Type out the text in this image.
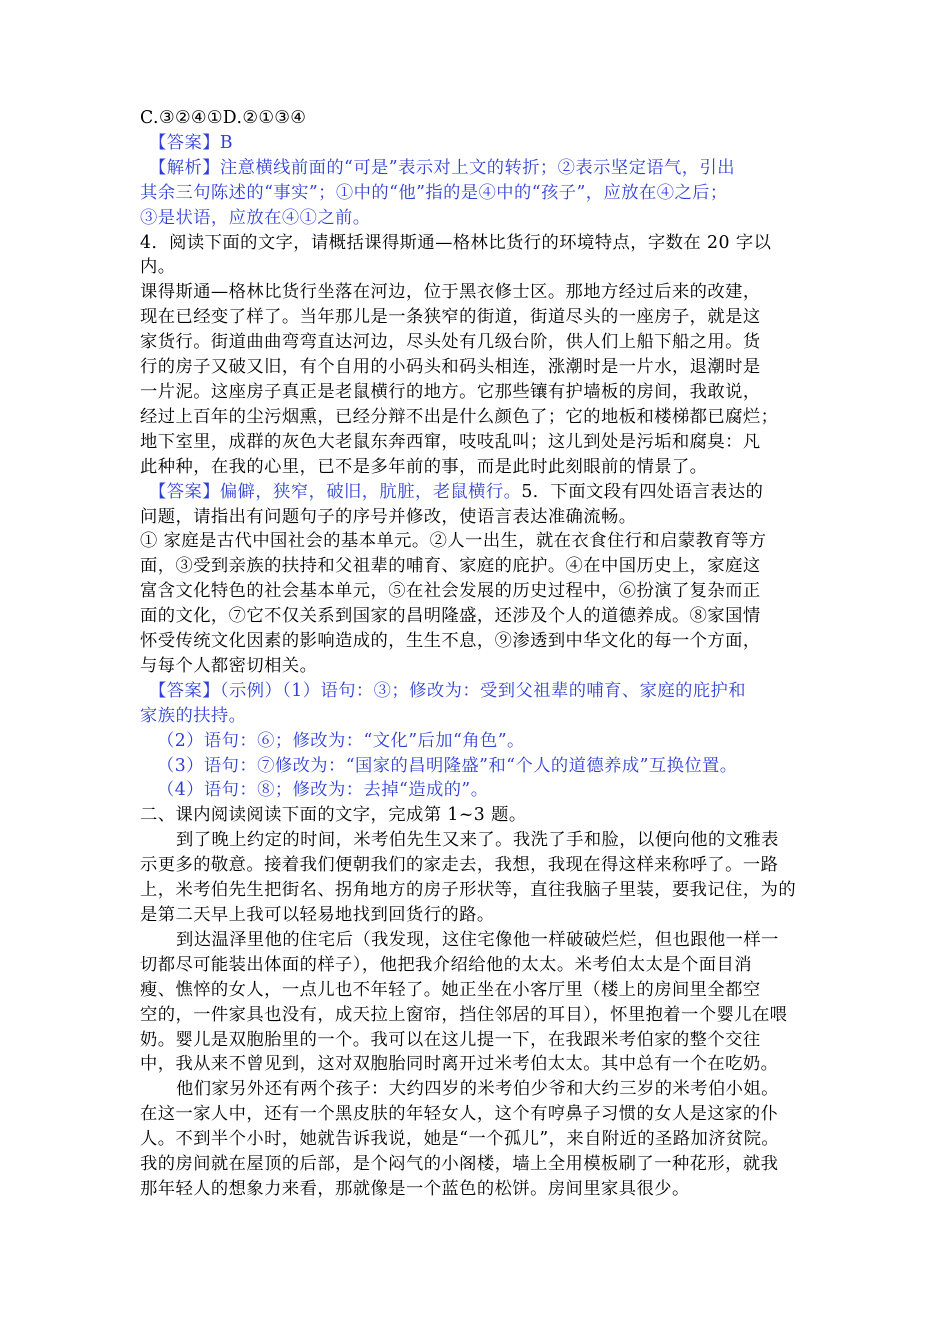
C.③②④①D.②①③④
【答案】B
【解析】注意横线前面的“可是”表示对上文的转折；②表示坚定语气，引出
其余三句陈述的“事实”；①中的“他”指的是④中的“孩子”，应放在④之后；
③是状语，应放在④①之前。
4．阅读下面的文字，请概括课得斯通—格林比货行的环境特点，字数在 20 字以
内。
课得斯通—格林比货行坐落在河边，位于黑衣修士区。那地方经过后来的改建，
现在已经变了样了。当年那儿是一条狭窄的街道，街道尽头的一座房子，就是这
家货行。街道曲曲弯弯直达河边，尽头处有几级台阶，供人们上船下船之用。货
行的房子又破又旧，有个自用的小码头和码头相连，涨潮时是一片水，退潮时是
一片泥。这座房子真正是老鼠横行的地方。它那些镶有护墙板的房间，我敢说，
经过上百年的尘污烟熏，已经分辩不出是什么颜色了；它的地板和楼梯都已腐烂；
地下室里，成群的灰色大老鼠东奔西窜，吱吱乱叫；这儿到处是污垢和腐臭：凡
此种种，在我的心里，已不是多年前的事，而是此时此刻眼前的情景了。
【答案】偏僻，狭窄，破旧，肮脏，老鼠横行。5．下面文段有四处语言表达的
问题，请指出有问题句子的序号并修改，使语言表达准确流畅。
① 家庭是古代中国社会的基本单元。②人一出生，就在衣食住行和启蒙教育等方
面，③受到亲族的扶持和父祖辈的哺育、家庭的庇护。④在中国历史上，家庭这
富含文化特色的社会基本单元，⑤在社会发展的历史过程中，⑥扮演了复杂而正
面的文化，⑦它不仅关系到国家的昌明隆盛，还涉及个人的道德养成。⑧家国情
怀受传统文化因素的影响造成的，生生不息，⑨渗透到中华文化的每一个方面，
与每个人都密切相关。
【答案】（示例）（1）语句：③；修改为：受到父祖辈的哺育、家庭的庇护和
家族的扶持。
（2）语句：⑥；修改为：“文化”后加“角色”。
（3）语句：⑦修改为：“国家的昌明隆盛”和“个人的道德养成”互换位置。
（4）语句：⑧；修改为：去掉“造成的”。
二、课内阅读阅读下面的文字，完成第 1~3 题。
到了晚上约定的时间，米考伯先生又来了。我洗了手和脸，以便向他的文雅表
示更多的敬意。接着我们便朝我们的家走去，我想，我现在得这样来称呼了。一路
上，米考伯先生把街名、拐角地方的房子形状等，直往我脑子里装，要我记住，为的
是第二天早上我可以轻易地找到回货行的路。
到达温泽里他的住宅后（我发现，这住宅像他一样破破烂烂，但也跟他一样一
切都尽可能装出体面的样子），他把我介绍给他的太太。米考伯太太是个面目消
瘦、憔悴的女人，一点儿也不年轻了。她正坐在小客厅里（楼上的房间里全都空
空的，一件家具也没有，成天拉上窗帘，挡住邻居的耳目），怀里抱着一个婴儿在喂
奶。婴儿是双胞胎里的一个。我可以在这儿提一下，在我跟米考伯家的整个交往
中，我从来不曾见到，这对双胞胎同时离开过米考伯太太。其中总有一个在吃奶。
他们家另外还有两个孩子：大约四岁的米考伯少爷和大约三岁的米考伯小姐。
在这一家人中，还有一个黑皮肤的年轻女人，这个有哼鼻子习惯的女人是这家的仆
人。不到半个小时，她就告诉我说，她是“一个孤儿”，来自附近的圣路加济贫院。
我的房间就在屋顶的后部，是个闷气的小阁楼，墙上全用模板刷了一种花形，就我
那年轻人的想象力来看，那就像是一个蓝色的松饼。房间里家具很少。
